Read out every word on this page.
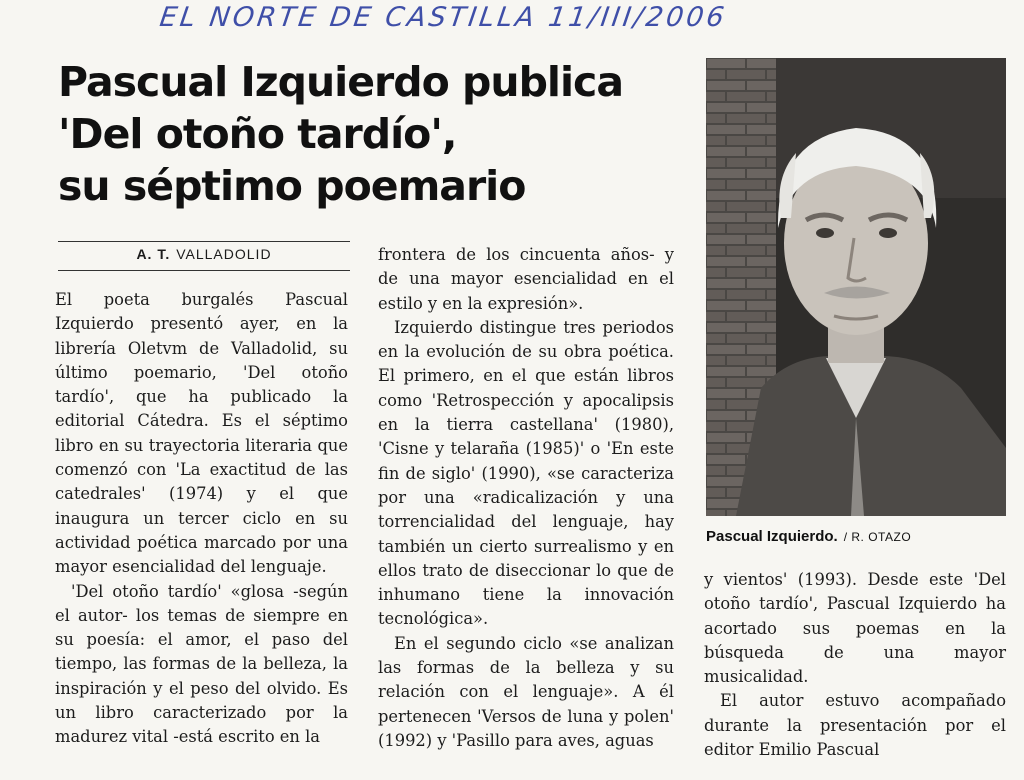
EL NORTE DE CASTILLA 11/III/2006
Pascual Izquierdo publica
'Del otoño tardío',
su séptimo poemario
A. T. VALLADOLID

El poeta burgalés Pascual Izquierdo presentó ayer, en la librería Oletvm de Valladolid, su último poemario, 'Del otoño tardío', que ha publicado la editorial Cátedra. Es el séptimo libro en su trayectoria literaria que comenzó con 'La exactitud de las catedrales' (1974) y el que inaugura un tercer ciclo en su actividad poética marcado por una mayor esencialidad del lenguaje.

'Del otoño tardío' «glosa -según el autor- los temas de siempre en su poesía: el amor, el paso del tiempo, las formas de la belleza, la inspiración y el peso del olvido. Es un libro caracterizado por la madurez vital -está escrito en la

frontera de los cincuenta años- y de una mayor esencialidad en el estilo y en la expresión».

Izquierdo distingue tres periodos en la evolución de su obra poética. El primero, en el que están libros como 'Retrospección y apocalipsis en la tierra castellana' (1980), 'Cisne y telaraña (1985)' o 'En este fin de siglo' (1990), «se caracteriza por una «radicalización y una torrencialidad del lenguaje, hay también un cierto surrealismo y en ellos trato de diseccionar lo que de inhumano tiene la innovación tecnológica».

En el segundo ciclo «se analizan las formas de la belleza y su relación con el lenguaje». A él pertenecen 'Versos de luna y polen' (1992) y 'Pasillo para aves, aguas

Pascual Izquierdo. / R. OTAZO

y vientos' (1993). Desde este 'Del otoño tardío', Pascual Izquierdo ha acortado sus poemas en la búsqueda de una mayor musicalidad.

El autor estuvo acompañado durante la presentación por el editor Emilio Pascual
